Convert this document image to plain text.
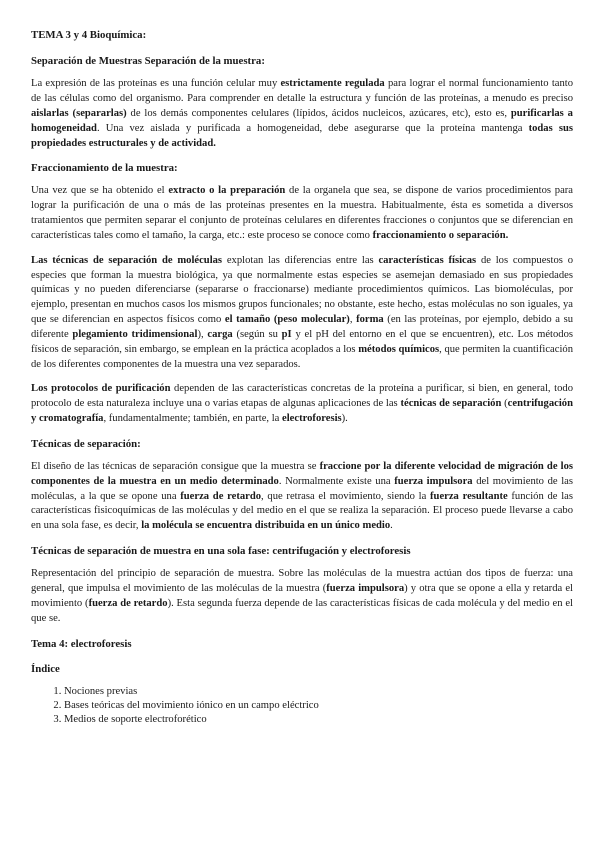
TEMA 3 y 4 Bioquímica:
Separación de Muestras Separación de la muestra:

La expresión de las proteínas es una función celular muy estrictamente regulada para lograr el normal funcionamiento tanto de las células como del organismo. Para comprender en detalle la estructura y función de las proteínas, a menudo es preciso aislarlas (separarlas) de los demás componentes celulares (lípidos, ácidos nucleicos, azúcares, etc), esto es, purificarlas a homogeneidad. Una vez aislada y purificada a homogeneidad, debe asegurarse que la proteína mantenga todas sus propiedades estructurales y de actividad.

Fraccionamiento de la muestra:

Una vez que se ha obtenido el extracto o la preparación de la organela que sea, se dispone de varios procedimientos para lograr la purificación de una o más de las proteínas presentes en la muestra. Habitualmente, ésta es sometida a diversos tratamientos que permiten separar el conjunto de proteínas celulares en diferentes fracciones o conjuntos que se diferencian en características tales como el tamaño, la carga, etc.: este proceso se conoce como fraccionamiento o separación.

Las técnicas de separación de moléculas explotan las diferencias entre las características físicas de los compuestos o especies que forman la muestra biológica, ya que normalmente estas especies se asemejan demasiado en sus propiedades químicas y no pueden diferenciarse (separarse o fraccionarse) mediante procedimientos químicos. Las biomoléculas, por ejemplo, presentan en muchos casos los mismos grupos funcionales; no obstante, este hecho, estas moléculas no son iguales, ya que se diferencian en aspectos físicos como el tamaño (peso molecular), forma (en las proteínas, por ejemplo, debido a su diferente plegamiento tridimensional), carga (según su pI y el pH del entorno en el que se encuentren), etc. Los métodos físicos de separación, sin embargo, se emplean en la práctica acoplados a los métodos químicos, que permiten la cuantificación de los diferentes componentes de la muestra una vez separados.

Los protocolos de purificación dependen de las características concretas de la proteína a purificar, si bien, en general, todo protocolo de esta naturaleza incluye una o varias etapas de algunas aplicaciones de las técnicas de separación (centrifugación y cromatografía, fundamentalmente; también, en parte, la electroforesis).

Técnicas de separación:

El diseño de las técnicas de separación consigue que la muestra se fraccione por la diferente velocidad de migración de los componentes de la muestra en un medio determinado. Normalmente existe una fuerza impulsora del movimiento de las moléculas, a la que se opone una fuerza de retardo, que retrasa el movimiento, siendo la fuerza resultante función de las características fisicoquímicas de las moléculas y del medio en el que se realiza la separación. El proceso puede llevarse a cabo en una sola fase, es decir, la molécula se encuentra distribuida en un único medio.

Técnicas de separación de muestra en una sola fase: centrifugación y electroforesis

Representación del principio de separación de muestra. Sobre las moléculas de la muestra actúan dos tipos de fuerza: una general, que impulsa el movimiento de las moléculas de la muestra (fuerza impulsora) y otra que se opone a ella y retarda el movimiento (fuerza de retardo). Esta segunda fuerza depende de las características físicas de cada molécula y del medio en el que se.

Tema 4: electroforesis
Índice
1. Nociones previas
2. Bases teóricas del movimiento iónico en un campo eléctrico
3. Medios de soporte electroforético
